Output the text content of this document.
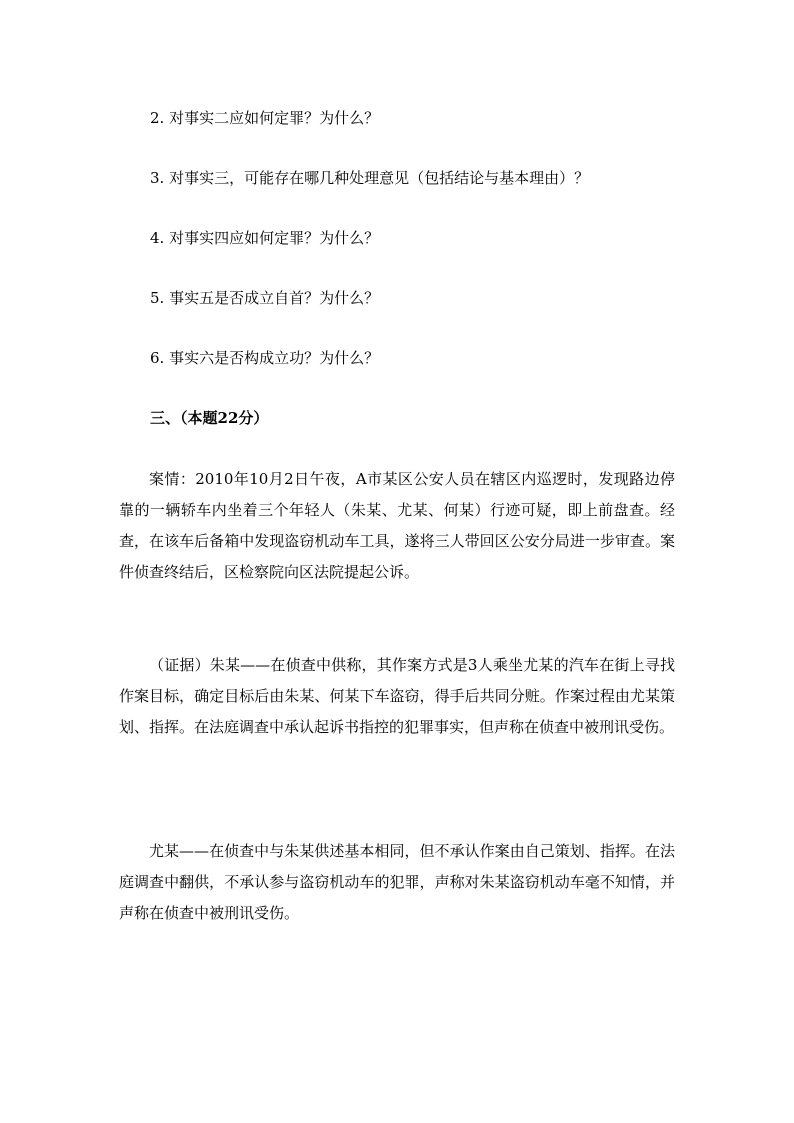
2. 对事实二应如何定罪？为什么？
3. 对事实三，可能存在哪几种处理意见（包括结论与基本理由）？
4. 对事实四应如何定罪？为什么？
5. 事实五是否成立自首？为什么？
6. 事实六是否构成立功？为什么？
三、（本题22分）
案情：2010年10月2日午夜，A市某区公安人员在辖区内巡逻时，发现路边停靠的一辆轿车内坐着三个年轻人（朱某、尤某、何某）行迹可疑，即上前盘查。经查，在该车后备箱中发现盗窃机动车工具，遂将三人带回区公安分局进一步审查。案件侦查终结后，区检察院向区法院提起公诉。
（证据）朱某——在侦查中供称，其作案方式是3人乘坐尤某的汽车在街上寻找作案目标，确定目标后由朱某、何某下车盗窃，得手后共同分赃。作案过程由尤某策划、指挥。在法庭调查中承认起诉书指控的犯罪事实，但声称在侦查中被刑讯受伤。
尤某——在侦查中与朱某供述基本相同，但不承认作案由自己策划、指挥。在法庭调查中翻供，不承认参与盗窃机动车的犯罪，声称对朱某盗窃机动车毫不知情，并声称在侦查中被刑讯受伤。
